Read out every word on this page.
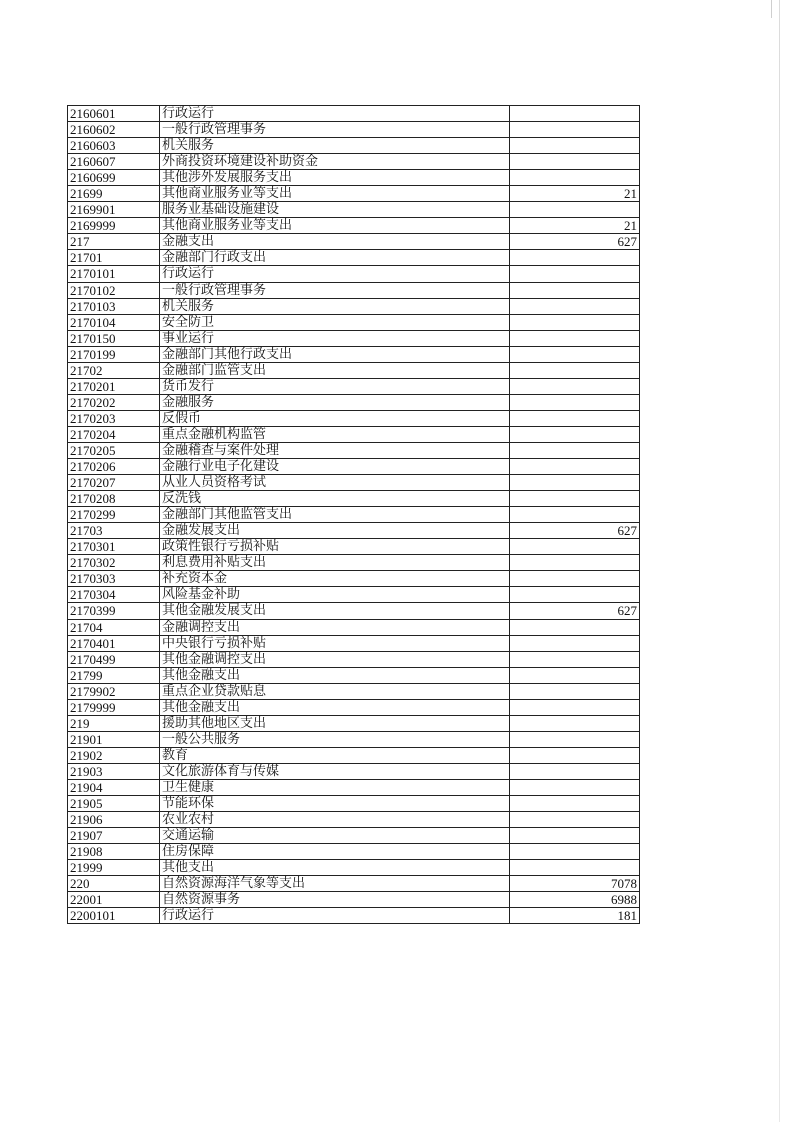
2160601	行政运行	
2160602	一般行政管理事务	
2160603	机关服务	
2160607	外商投资环境建设补助资金	
2160699	其他涉外发展服务支出	
21699	其他商业服务业等支出	21
2169901	服务业基础设施建设	
2169999	其他商业服务业等支出	21
217	金融支出	627
21701	金融部门行政支出	
2170101	行政运行	
2170102	一般行政管理事务	
2170103	机关服务	
2170104	安全防卫	
2170150	事业运行	
2170199	金融部门其他行政支出	
21702	金融部门监管支出	
2170201	货币发行	
2170202	金融服务	
2170203	反假币	
2170204	重点金融机构监管	
2170205	金融稽查与案件处理	
2170206	金融行业电子化建设	
2170207	从业人员资格考试	
2170208	反洗钱	
2170299	金融部门其他监管支出	
21703	金融发展支出	627
2170301	政策性银行亏损补贴	
2170302	利息费用补贴支出	
2170303	补充资本金	
2170304	风险基金补助	
2170399	其他金融发展支出	627
21704	金融调控支出	
2170401	中央银行亏损补贴	
2170499	其他金融调控支出	
21799	其他金融支出	
2179902	重点企业贷款贴息	
2179999	其他金融支出	
219	援助其他地区支出	
21901	一般公共服务	
21902	教育	
21903	文化旅游体育与传媒	
21904	卫生健康	
21905	节能环保	
21906	农业农村	
21907	交通运输	
21908	住房保障	
21999	其他支出	
220	自然资源海洋气象等支出	7078
22001	自然资源事务	6988
2200101	行政运行	181
